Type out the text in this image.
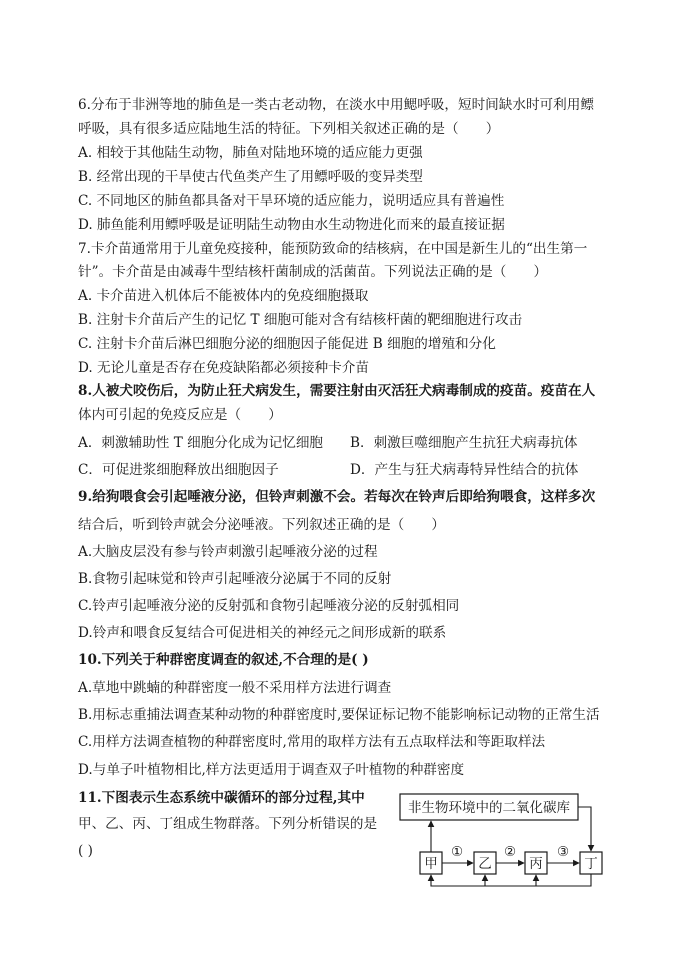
6.分布于非洲等地的肺鱼是一类古老动物，在淡水中用鳃呼吸，短时间缺水时可利用鳔
呼吸，具有很多适应陆地生活的特征。下列相关叙述正确的是（　　）
A. 相较于其他陆生动物，肺鱼对陆地环境的适应能力更强
B. 经常出现的干旱使古代鱼类产生了用鳔呼吸的变异类型
C. 不同地区的肺鱼都具备对干旱环境的适应能力，说明适应具有普遍性
D. 肺鱼能利用鳔呼吸是证明陆生动物由水生动物进化而来的最直接证据
7.卡介苗通常用于儿童免疫接种，能预防致命的结核病，在中国是新生儿的“出生第一
针”。卡介苗是由减毒牛型结核杆菌制成的活菌苗。下列说法正确的是（　　）
A. 卡介苗进入机体后不能被体内的免疫细胞摄取
B. 注射卡介苗后产生的记忆 T 细胞可能对含有结核杆菌的靶细胞进行攻击
C. 注射卡介苗后淋巴细胞分泌的细胞因子能促进 B 细胞的增殖和分化
D. 无论儿童是否存在免疫缺陷都必须接种卡介苗
8.人被犬咬伤后，为防止狂犬病发生，需要注射由灭活狂犬病毒制成的疫苗。疫苗在人
体内可引起的免疫反应是（　　）
A．刺激辅助性 T 细胞分化成为记忆细胞 B．刺激巨噬细胞产生抗狂犬病毒抗体
C．可促进浆细胞释放出细胞因子	D．产生与狂犬病毒特异性结合的抗体
9.给狗喂食会引起唾液分泌，但铃声刺激不会。若每次在铃声后即给狗喂食，这样多次
结合后，听到铃声就会分泌唾液。下列叙述正确的是（　　）
A.大脑皮层没有参与铃声刺激引起唾液分泌的过程
B.食物引起味觉和铃声引起唾液分泌属于不同的反射
C.铃声引起唾液分泌的反射弧和食物引起唾液分泌的反射弧相同
D.铃声和喂食反复结合可促进相关的神经元之间形成新的联系
10.下列关于种群密度调查的叙述,不合理的是( )
A.草地中跳蝻的种群密度一般不采用样方法进行调查
B.用标志重捕法调查某种动物的种群密度时,要保证标记物不能影响标记动物的正常生活
C.用样方法调查植物的种群密度时,常用的取样方法有五点取样法和等距取样法
D.与单子叶植物相比,样方法更适用于调查双子叶植物的种群密度
11.下图表示生态系统中碳循环的部分过程,其中
甲、乙、丙、丁组成生物群落。下列分析错误的是
( )
非生物环境中的二氧化碳库
甲	乙	丙	丁
①	②	③
